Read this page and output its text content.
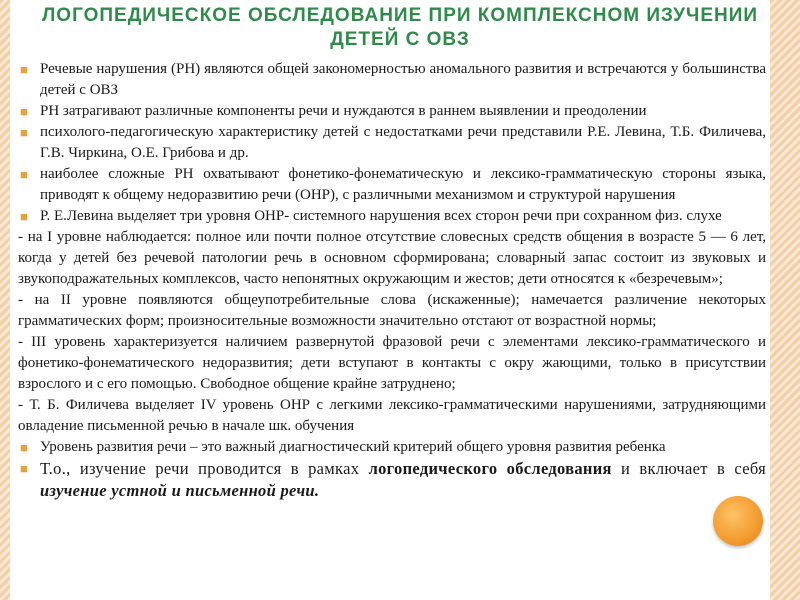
ЛОГОПЕДИЧЕСКОЕ ОБСЛЕДОВАНИЕ ПРИ КОМПЛЕКСНОМ ИЗУЧЕНИИ ДЕТЕЙ С ОВЗ
■ Речевые нарушения (РН) являются общей закономерностью аномального развития и встречаются у большинства детей с ОВЗ
■ РН затрагивают различные компоненты речи и нуждаются в раннем выявлении и преодолении
■ психолого-педагогическую характеристику детей с недостатками речи представили Р.Е. Левина, Т.Б. Филичева, Г.В. Чиркина, О.Е. Грибова и др.
■ наиболее сложные РН охватывают фонетико-фонематическую и лексико-грамматическую стороны языка, приводят к общему недоразвитию речи (ОНР), с различными механизмом и структурой нарушения
■ Р. Е.Левина выделяет три уровня ОНР- системного нарушения всех сторон речи при сохранном физ. слухе
- на I уровне наблюдается: полное или почти полное отсутствие словесных средств общения в возрасте 5 — 6 лет, когда у детей без речевой патологии речь в основном сформирована; словарный запас состоит из звуковых и звукоподражательных комплексов, часто непонятных окружающим и жестов; дети относятся к «безречевым»;
- на II уровне появляются общеупотребительные слова (искаженные); намечается различение некоторых грамматических форм; произносительные возможности значительно отстают от возрастной нормы;
- III уровень характеризуется наличием развернутой фразовой речи с элементами лексико-грамматического и фонетико-фонематического недоразвития; дети вступают в контакты с окру жающими, только в присутствии взрослого и с его помощью. Свободное общение крайне затруднено;
- Т. Б. Филичева выделяет IV уровень ОНР с легкими лексико-грамматическими нарушениями, затрудняющими овладение письменной речью в начале шк. обучения
■ Уровень развития речи – это важный диагностический критерий общего уровня развития ребенка
■ Т.о., изучение речи проводится в рамках логопедического обследования и включает в себя изучение устной и письменной речи.
